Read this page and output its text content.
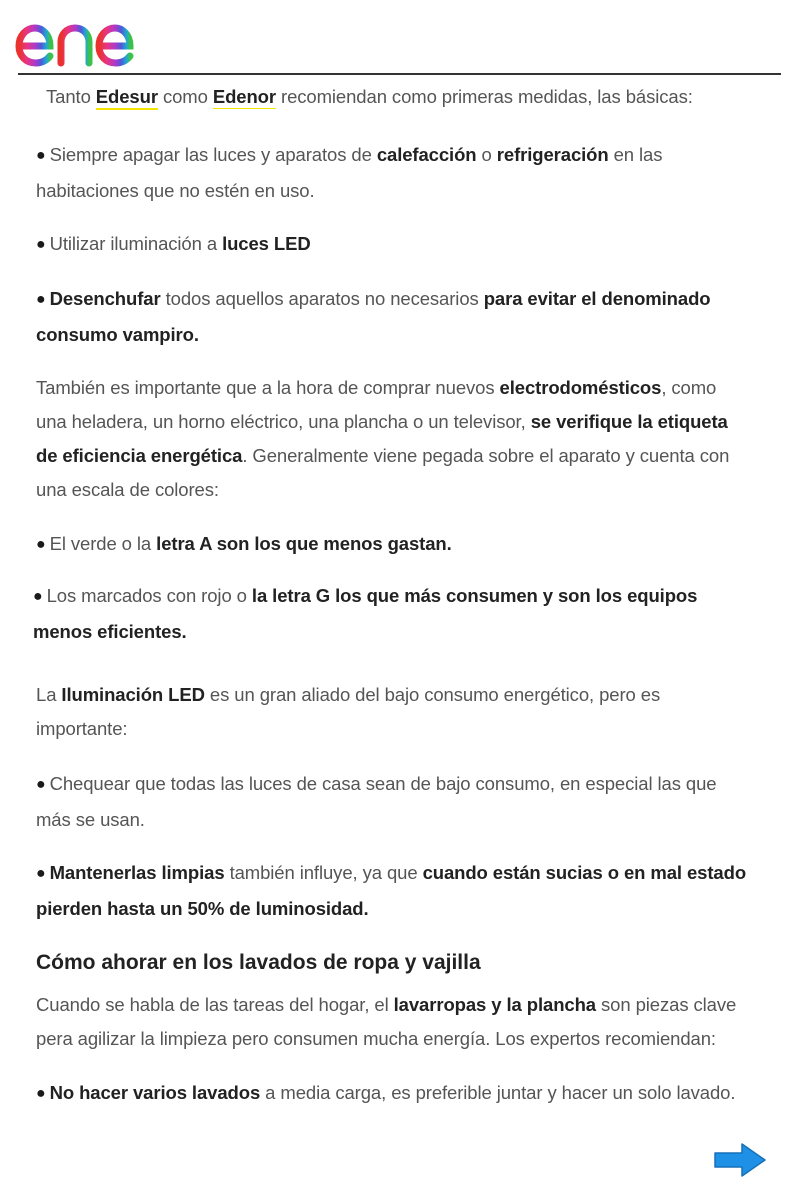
Tanto Edesur como Edenor recomiendan como primeras medidas, las básicas:

● Siempre apagar las luces y aparatos de calefacción o refrigeración en las
habitaciones que no estén en uso.

● Utilizar iluminación a luces LED

● Desenchufar todos aquellos aparatos no necesarios para evitar el denominado
consumo vampiro.

También es importante que a la hora de comprar nuevos electrodomésticos, como
una heladera, un horno eléctrico, una plancha o un televisor, se verifique la etiqueta
de eficiencia energética. Generalmente viene pegada sobre el aparato y cuenta con
una escala de colores:

● El verde o la letra A son los que menos gastan.

● Los marcados con rojo o la letra G los que más consumen y son los equipos
menos eficientes.

La Iluminación LED es un gran aliado del bajo consumo energético, pero es
importante:

● Chequear que todas las luces de casa sean de bajo consumo, en especial las que
más se usan.

● Mantenerlas limpias también influye, ya que cuando están sucias o en mal estado
pierden hasta un 50% de luminosidad.

Cómo ahorar en los lavados de ropa y vajilla

Cuando se habla de las tareas del hogar, el lavarropas y la plancha son piezas clave
pera agilizar la limpieza pero consumen mucha energía. Los expertos recomiendan:

● No hacer varios lavados a media carga, es preferible juntar y hacer un solo lavado.
